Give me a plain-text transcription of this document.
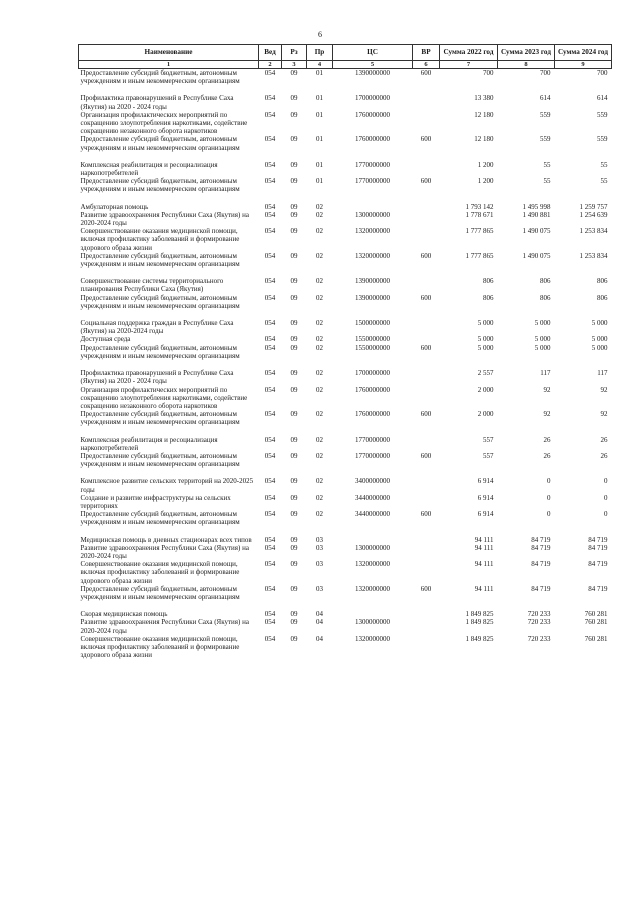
6
Наименование	Вед	Рз	Пр	ЦС	ВР	Сумма 2022 год	Сумма 2023 год	Сумма 2024 год
1	2	3	4	5	6	7	8	9
Предоставление субсидий бюджетным, автономным учреждениям и иным некоммерческим организациям	054	09	01	1390000000	600	700	700	700

Профилактика правонарушений в Республике Саха (Якутия) на 2020 - 2024 годы	054	09	01	1700000000		13 380	614	614
Организация профилактических мероприятий по сокращению злоупотребления наркотиками, содействие сокращению незаконного оборота наркотиков	054	09	01	1760000000		12 180	559	559
Предоставление субсидий бюджетным, автономным учреждениям и иным некоммерческим организациям	054	09	01	1760000000	600	12 180	559	559

Комплексная реабилитация и ресоциализация наркопотребителей	054	09	01	1770000000		1 200	55	55
Предоставление субсидий бюджетным, автономным учреждениям и иным некоммерческим организациям	054	09	01	1770000000	600	1 200	55	55

Амбулаторная помощь	054	09	02			1 793 142	1 495 998	1 259 757
Развитие здравоохранения Республики Саха (Якутия) на 2020-2024 годы	054	09	02	1300000000		1 778 671	1 490 881	1 254 639
Совершенствование оказания медицинской помощи, включая профилактику заболеваний и формирование здорового образа жизни	054	09	02	1320000000		1 777 865	1 490 075	1 253 834
Предоставление субсидий бюджетным, автономным учреждениям и иным некоммерческим организациям	054	09	02	1320000000	600	1 777 865	1 490 075	1 253 834

Совершенствование системы территориального планирования Республики Саха (Якутия)	054	09	02	1390000000		806	806	806
Предоставление субсидий бюджетным, автономным учреждениям и иным некоммерческим организациям	054	09	02	1390000000	600	806	806	806

Социальная поддержка граждан в Республике Саха (Якутия) на 2020-2024 годы	054	09	02	1500000000		5 000	5 000	5 000
Доступная среда	054	09	02	1550000000		5 000	5 000	5 000
Предоставление субсидий бюджетным, автономным учреждениям и иным некоммерческим организациям	054	09	02	1550000000	600	5 000	5 000	5 000

Профилактика правонарушений в Республике Саха (Якутия) на 2020 - 2024 годы	054	09	02	1700000000		2 557	117	117
Организация профилактических мероприятий по сокращению злоупотребления наркотиками, содействие сокращению незаконного оборота наркотиков	054	09	02	1760000000		2 000	92	92
Предоставление субсидий бюджетным, автономным учреждениям и иным некоммерческим организациям	054	09	02	1760000000	600	2 000	92	92

Комплексная реабилитация и ресоциализация наркопотребителей	054	09	02	1770000000		557	26	26
Предоставление субсидий бюджетным, автономным учреждениям и иным некоммерческим организациям	054	09	02	1770000000	600	557	26	26

Комплексное развитие сельских территорий на 2020-2025 годы	054	09	02	3400000000		6 914	0	0
Создание и развитие инфраструктуры на сельских территориях	054	09	02	3440000000		6 914	0	0
Предоставление субсидий бюджетным, автономным учреждениям и иным некоммерческим организациям	054	09	02	3440000000	600	6 914	0	0

Медицинская помощь в дневных стационарах всех типов	054	09	03			94 111	84 719	84 719
Развитие здравоохранения Республики Саха (Якутия) на 2020-2024 годы	054	09	03	1300000000		94 111	84 719	84 719
Совершенствование оказания медицинской помощи, включая профилактику заболеваний и формирование здорового образа жизни	054	09	03	1320000000		94 111	84 719	84 719
Предоставление субсидий бюджетным, автономным учреждениям и иным некоммерческим организациям	054	09	03	1320000000	600	94 111	84 719	84 719

Скорая медицинская помощь	054	09	04			1 849 825	720 233	760 281
Развитие здравоохранения Республики Саха (Якутия) на 2020-2024 годы	054	09	04	1300000000		1 849 825	720 233	760 281
Совершенствование оказания медицинской помощи, включая профилактику заболеваний и формирование здорового образа жизни	054	09	04	1320000000		1 849 825	720 233	760 281
